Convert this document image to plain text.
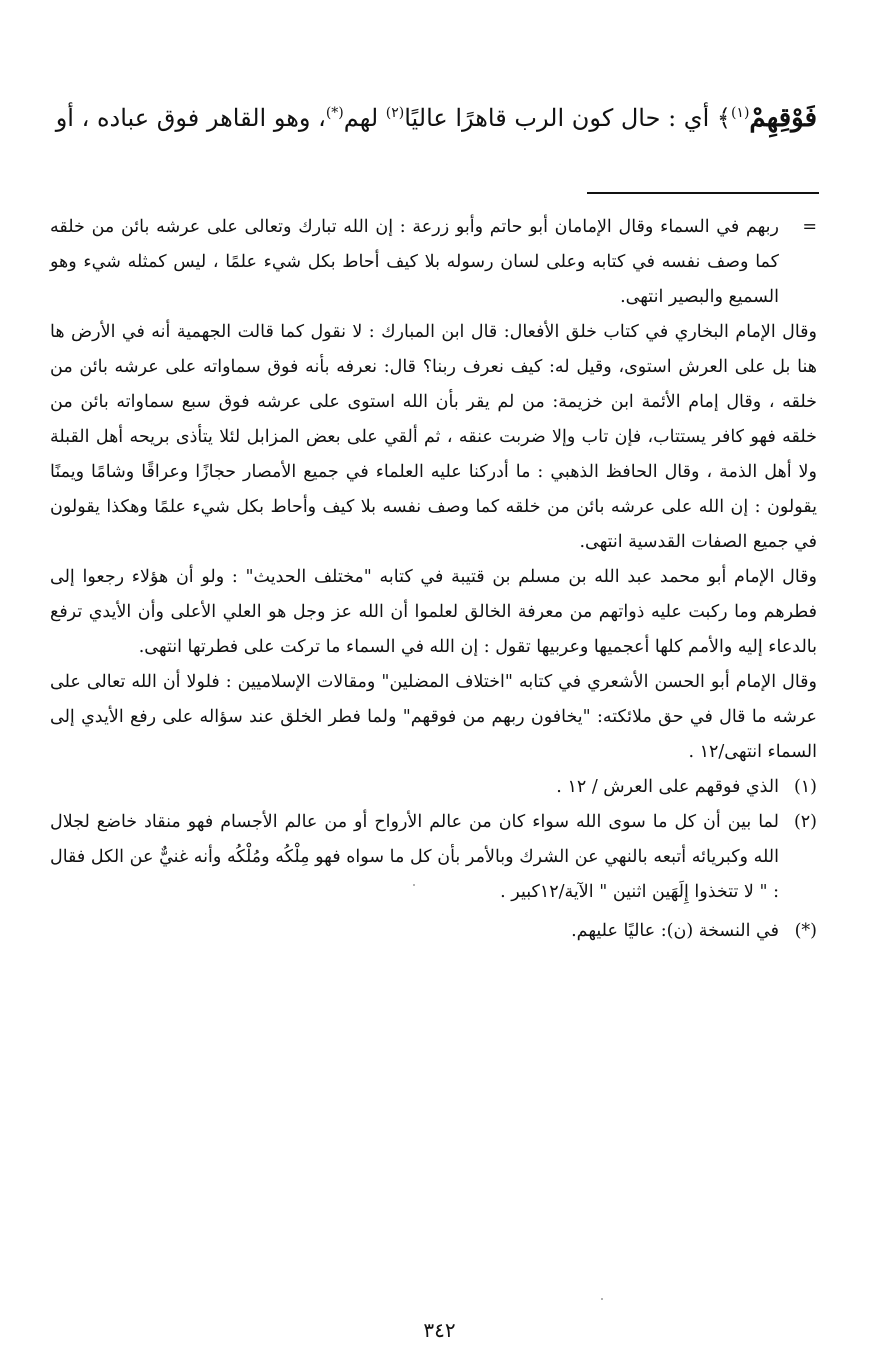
فَوْقِهِمْ$^{(١)}$﴾ أي : حال كون الرب قاهرًا عاليًا$^{(٢)}$ لهم(*)، وهو القاهر فوق عباده ، أو
=

ربهم في السماء وقال الإمامان أبو حاتم وأبو زرعة : إن الله تبارك وتعالى على عرشه بائن من خلقه كما وصف نفسه في كتابه وعلى لسان رسوله بلا كيف أحاط بكل شيء علمًا ، ليس كمثله شيء وهو السميع والبصير انتهى.

وقال الإمام البخاري في كتاب خلق الأفعال: قال ابن المبارك : لا نقول كما قالت الجهمية أنه في الأرض ها هنا بل على العرش استوى، وقيل له: كيف نعرف ربنا؟ قال: نعرفه بأنه فوق سماواته على عرشه بائن من خلقه ، وقال إمام الأئمة ابن خزيمة: من لم يقر بأن الله استوى على عرشه فوق سبع سماواته بائن من خلقه فهو كافر يستتاب، فإن تاب وإلا ضربت عنقه ، ثم ألقي على بعض المزابل لئلا يتأذى بريحه أهل القبلة ولا أهل الذمة ، وقال الحافظ الذهبي : ما أدركنا عليه العلماء في جميع الأمصار حجازًا وعراقًا وشامًا ويمنًا يقولون : إن الله على عرشه بائن من خلقه كما وصف نفسه بلا كيف وأحاط بكل شيء علمًا وهكذا يقولون في جميع الصفات القدسية انتهى.

وقال الإمام أبو محمد عبد الله بن مسلم بن قتيبة في كتابه "مختلف الحديث" : ولو أن هؤلاء رجعوا إلى فطرهم وما ركبت عليه ذواتهم من معرفة الخالق لعلموا أن الله عز وجل هو العلي الأعلى وأن الأيدي ترفع بالدعاء إليه والأمم كلها أعجميها وعربيها تقول : إن الله في السماء ما تركت على فطرتها انتهى.

وقال الإمام أبو الحسن الأشعري في كتابه "اختلاف المضلين" ومقالات الإسلاميين : فلولا أن الله تعالى على عرشه ما قال في حق ملائكته: "يخافون ربهم من فوقهم" ولما فطر الخلق عند سؤاله على رفع الأيدي إلى السماء انتهى/١٢ .

(١)
الذي فوقهم على العرش / ١٢ .
(٢)
لما بين أن كل ما سوى الله سواء كان من عالم الأرواح أو من عالم الأجسام فهو منقاد خاضع لجلال الله وكبريائه أتبعه بالنهي عن الشرك وبالأمر بأن كل ما سواه فهو مِلْكُه ومُلْكُه وأنه غنيٌّ عن الكل فقال : " لا تتخذوا إِلَهَين اثنين " الآية/١٢كبير .
(*)
في النسخة (ن): عاليًا عليهم.
٣٤٢
